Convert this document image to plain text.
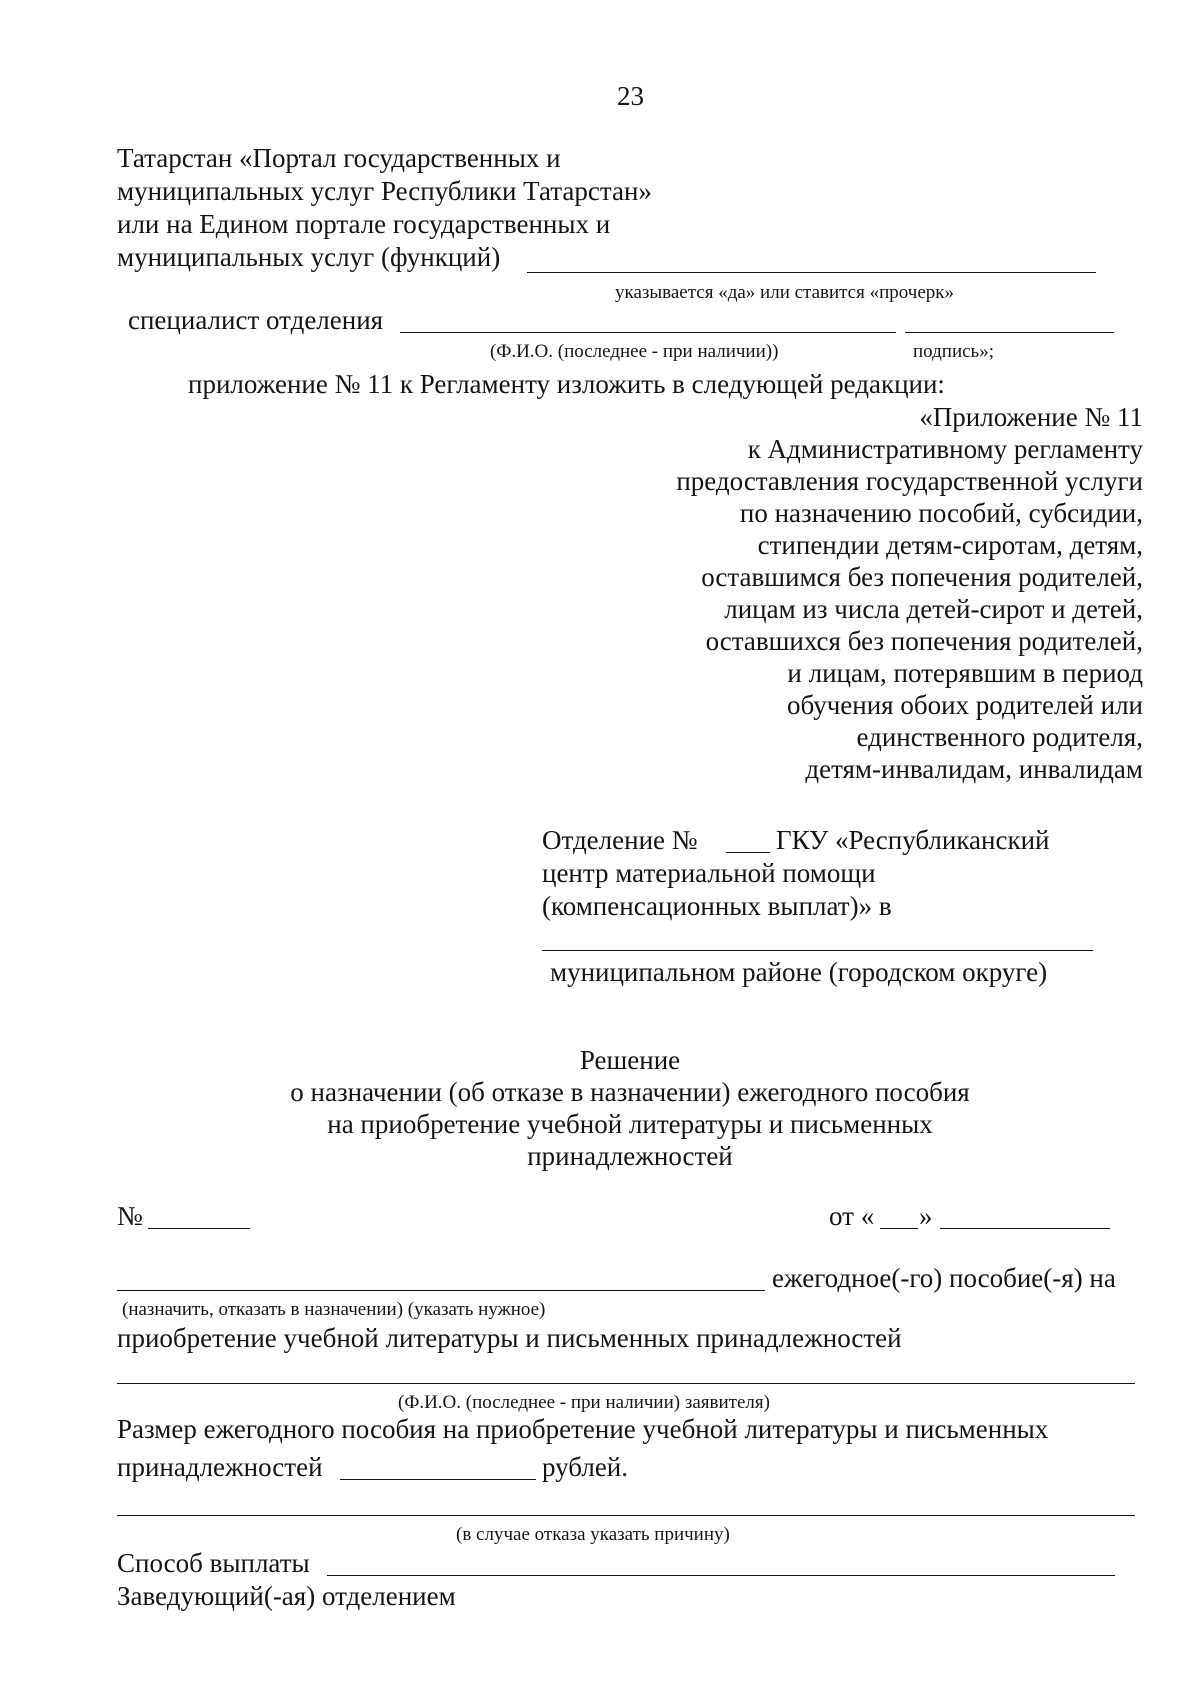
23
Татарстан «Портал государственных и
муниципальных услуг Республики Татарстан»
или на Едином портале государственных и
муниципальных услуг (функций)
указывается «да» или ставится «прочерк»
специалист отделения
(Ф.И.О. (последнее - при наличии))	подпись»;
приложение № 11 к Регламенту изложить в следующей редакции:
«Приложение № 11
к Административному регламенту
предоставления государственной услуги
по назначению пособий, субсидии,
стипендии детям-сиротам, детям,
оставшимся без попечения родителей,
лицам из числа детей-сирот и детей,
оставшихся без попечения родителей,
и лицам, потерявшим в период
обучения обоих родителей или
единственного родителя,
детям-инвалидам, инвалидам
Отделение №	ГКУ «Республиканский
центр материальной помощи
(компенсационных выплат)» в
муниципальном районе (городском округе)
Решение
о назначении (об отказе в назначении) ежегодного пособия
на приобретение учебной литературы и письменных
принадлежностей
№	от « »
ежегодное(-го) пособие(-я) на
(назначить, отказать в назначении) (указать нужное)
приобретение учебной литературы и письменных принадлежностей
(Ф.И.О. (последнее - при наличии) заявителя)
Размер ежегодного пособия на приобретение учебной литературы и письменных
принадлежностей	рублей.
(в случае отказа указать причину)
Способ выплаты
Заведующий(-ая) отделением
